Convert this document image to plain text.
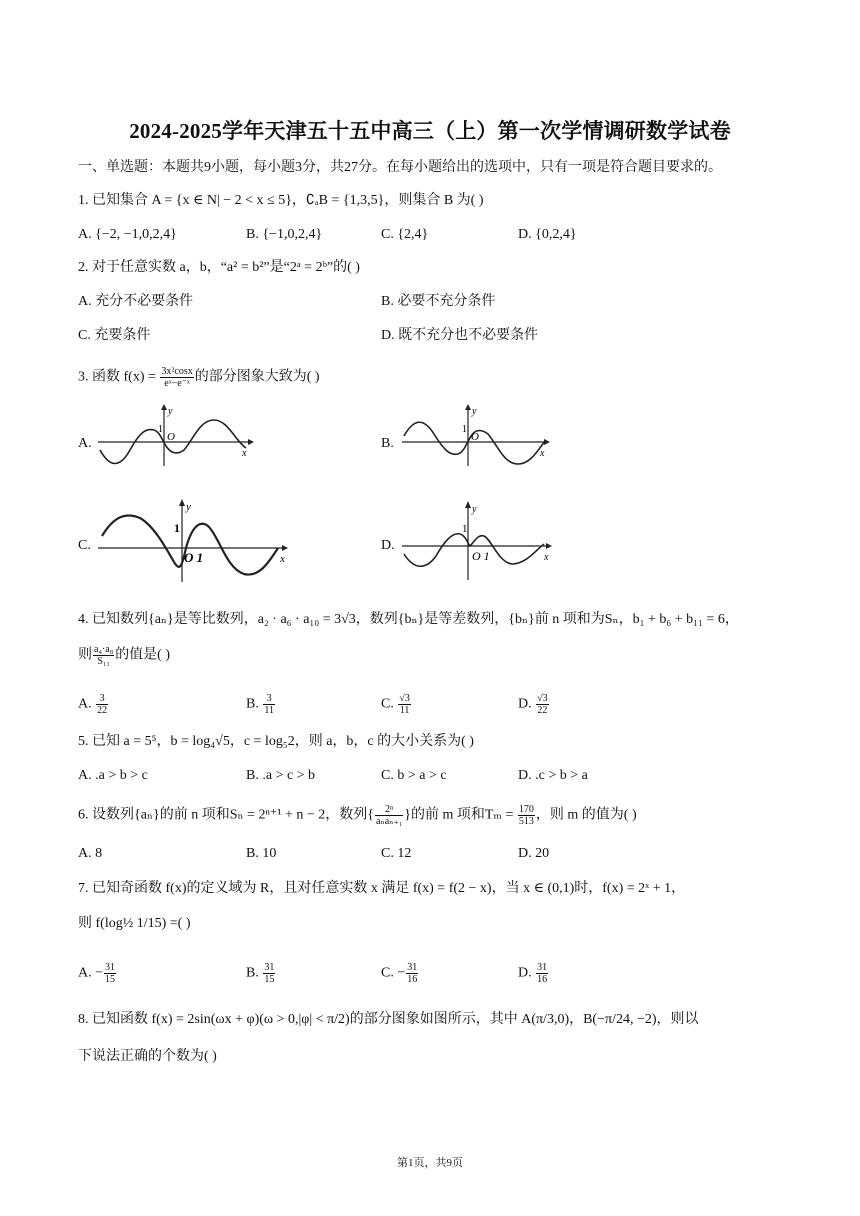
2024-2025学年天津五十五中高三（上）第一次学情调研数学试卷
一、单选题：本题共9小题，每小题3分，共27分。在每小题给出的选项中，只有一项是符合题目要求的。
1. 已知集合 A = {x ∈ N| − 2 < x ≤ 5}，∁ₐB = {1,3,5}，则集合 B 为( )
A. {−2, −1,0,2,4}	B. {−1,0,2,4}	C. {2,4}	D. {0,2,4}
2. 对于任意实数 a，b，“a² = b²”是“2ᵃ = 2ᵇ”的( )
A. 充分不必要条件	B. 必要不充分条件
C. 充要条件	D. 既不充分也不必要条件
3. 函数 $f(x) = \frac{\text{3x²cosx}}{\text{eˣ−e⁻ˣ}}$ 的部分图象大致为( )
A.
y
1
O
x
B.
y
1
O
x
C.
y
1
O 1	x
D.
y
1
O 1	x
4. 已知数列{aₙ}是等比数列，a₂ · a₆ · a₁₀ = 3√3，数列{bₙ}是等差数列，{bₙ}前 n 项和为Sₙ，b₁ + b₆ + b₁₁ = 6，
则 $\frac{\text{a₄·a₈}}{\text{S₁₁}}$ 的值是( )
A. $\frac{3}{22}$	B. $\frac{3}{11}$	C. $\frac{√3}{11}$	D. $\frac{√3}{22}$
5. 已知 a = 5⁵，b = log₄√5，c = log₅2，则 a，b，c 的大小关系为( )
A. .a > b > c	B. .a > c > b	C. b > a > c	D. .c > b > a
6. 设数列{aₙ}的前 n 项和Sₙ = 2ⁿ⁺¹ + n − 2，数列{ $\frac{\text{2ⁿ}}{\text{aₙaₙ₊₁}}$ }的前 m 项和$T_m = \frac{170}{513}$ ，则 m 的值为( )
A. 8	B. 10	C. 12	D. 20
7. 已知奇函数 f(x)的定义域为 R，且对任意实数 x 满足 f(x) = f(2 − x)，当 x ∈ (0,1)时，f(x) = 2ˣ + 1，
则 f(log½ 1/15) =( )
A. − $\frac{31}{15}$	B. $\frac{31}{15}$	C. − $\frac{31}{16}$	D. $\frac{31}{16}$
8. 已知函数 f(x) = 2sin(ωx + φ)(ω > 0,|φ| < π/2)的部分图象如图所示，其中 A(π/3,0)，B(−π/24, −2)，则以
下说法正确的个数为( )
第1页，共9页
